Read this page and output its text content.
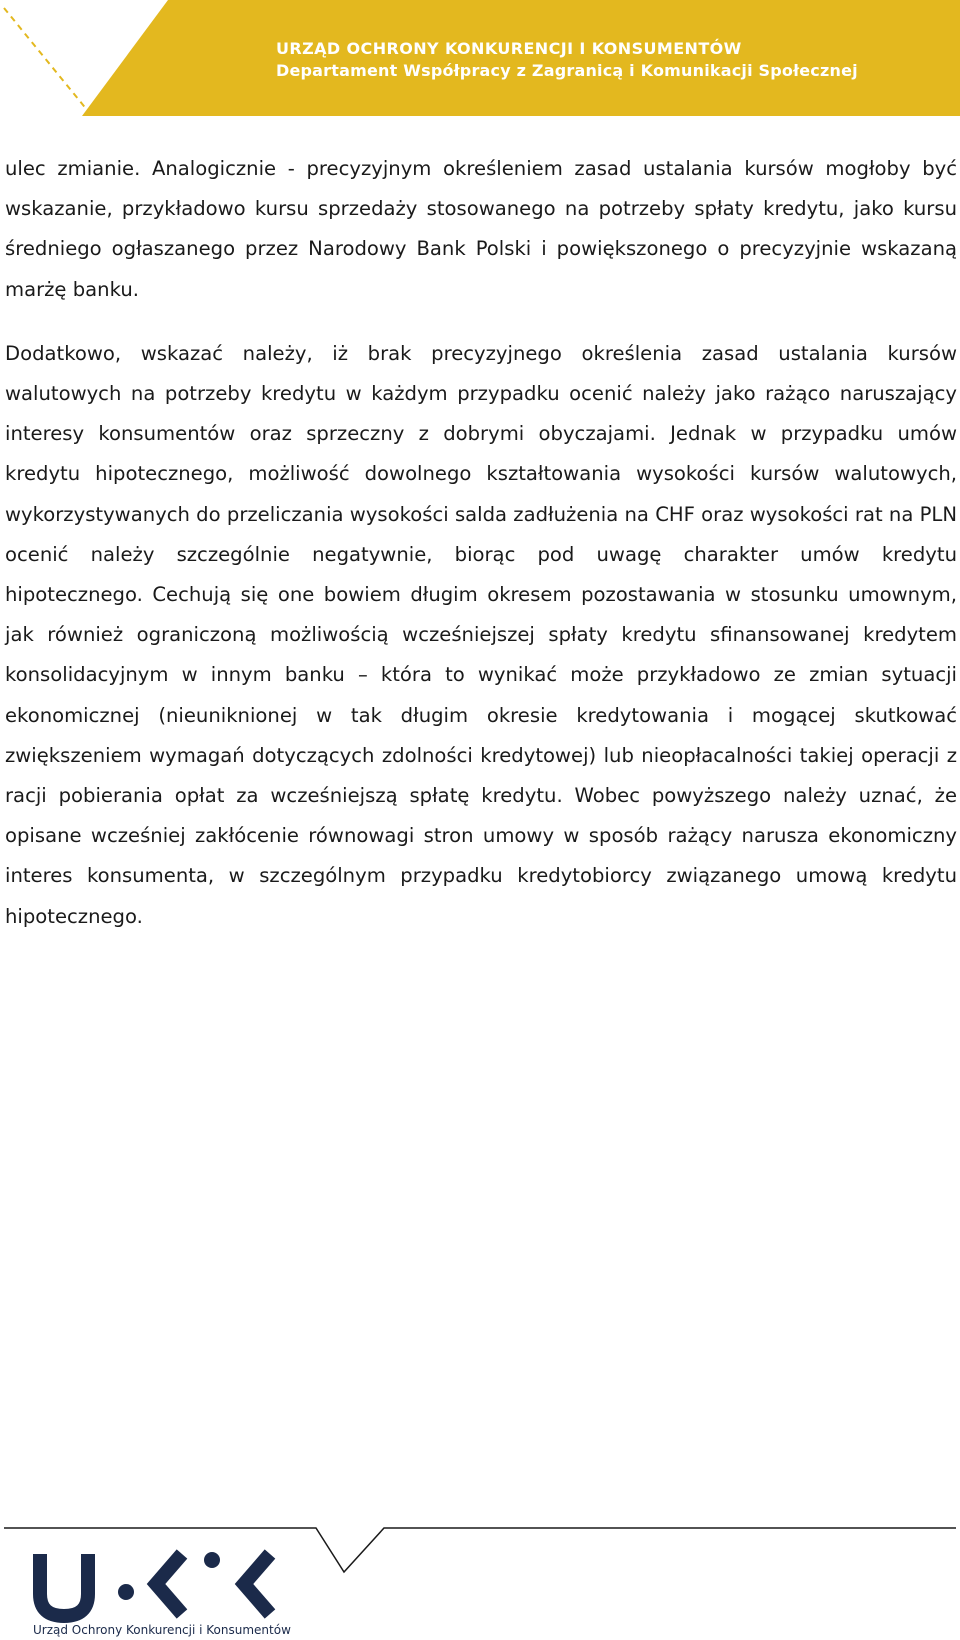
URZĄD OCHRONY KONKURENCJI I KONSUMENTÓW
Departament Współpracy z Zagranicą i Komunikacji Społecznej

ulec zmianie. Analogicznie - precyzyjnym określeniem zasad ustalania kursów mogłoby być wskazanie, przykładowo kursu sprzedaży stosowanego na potrzeby spłaty kredytu, jako kursu średniego ogłaszanego przez Narodowy Bank Polski i powiększonego o precyzyjnie wskazaną marżę banku.

Dodatkowo, wskazać należy, iż brak precyzyjnego określenia zasad ustalania kursów walutowych na potrzeby kredytu w każdym przypadku ocenić należy jako rażąco naruszający interesy konsumentów oraz sprzeczny z dobrymi obyczajami. Jednak w przypadku umów kredytu hipotecznego, możliwość dowolnego kształtowania wysokości kursów walutowych, wykorzystywanych do przeliczania wysokości salda zadłużenia na CHF oraz wysokości rat na PLN ocenić należy szczególnie negatywnie, biorąc pod uwagę charakter umów kredytu hipotecznego. Cechują się one bowiem długim okresem pozostawania w stosunku umownym, jak również ograniczoną możliwością wcześniejszej spłaty kredytu sfinansowanej kredytem konsolidacyjnym w innym banku – która to wynikać może przykładowo ze zmian sytuacji ekonomicznej (nieuniknionej w tak długim okresie kredytowania i mogącej skutkować zwiększeniem wymagań dotyczących zdolności kredytowej) lub nieopłacalności takiej operacji z racji pobierania opłat za wcześniejszą spłatę kredytu. Wobec powyższego należy uznać, że opisane wcześniej zakłócenie równowagi stron umowy w sposób rażący narusza ekonomiczny interes konsumenta, w szczególnym przypadku kredytobiorcy związanego umową kredytu hipotecznego.

Urząd Ochrony Konkurencji i Konsumentów
